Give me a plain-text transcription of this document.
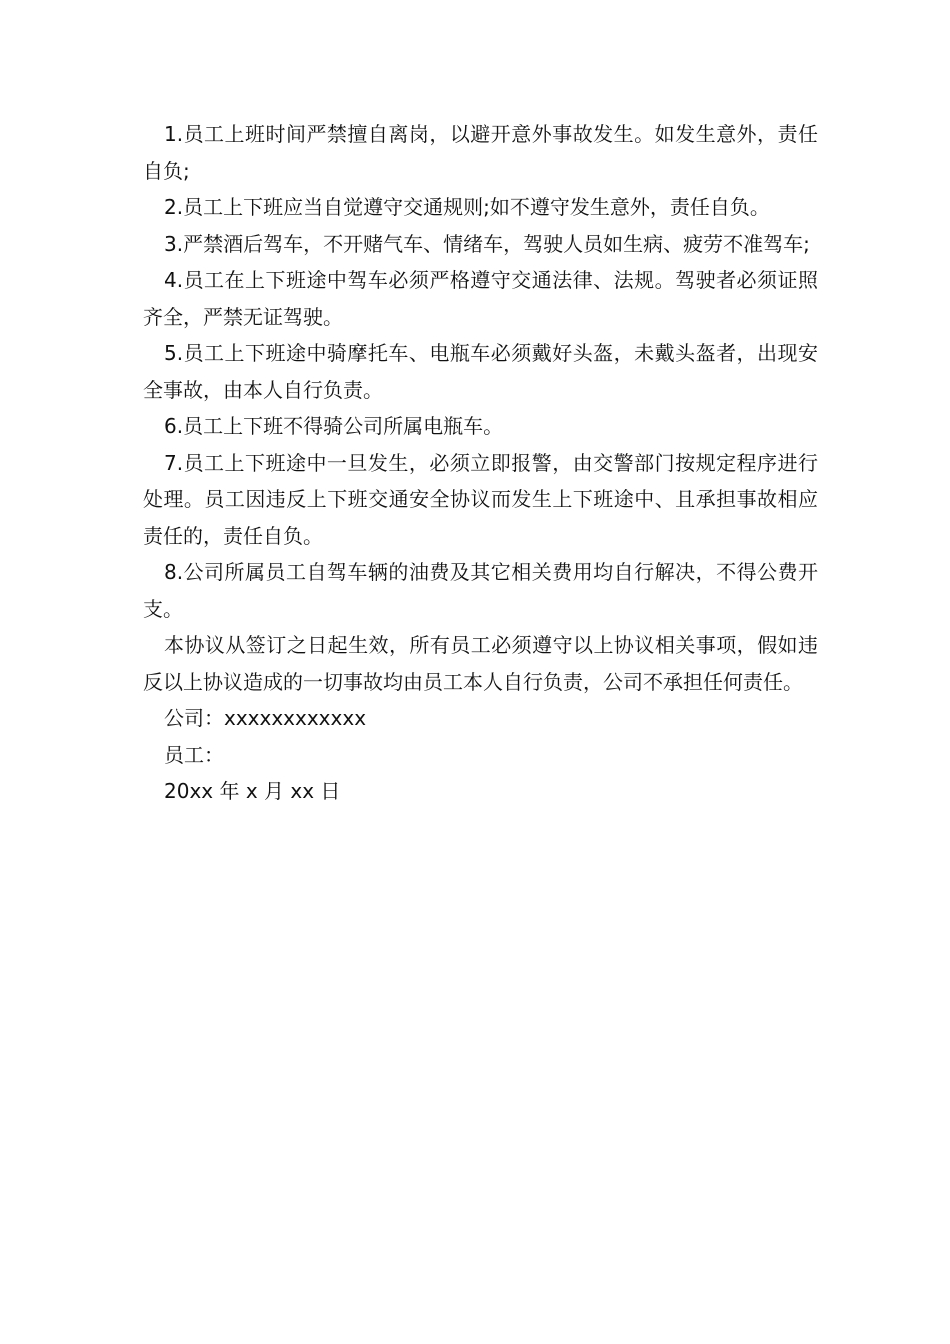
1.员工上班时间严禁擅自离岗，以避开意外事故发生。如发生意外，责任自负;

2.员工上下班应当自觉遵守交通规则;如不遵守发生意外，责任自负。

3.严禁酒后驾车，不开赌气车、情绪车，驾驶人员如生病、疲劳不准驾车;

4.员工在上下班途中驾车必须严格遵守交通法律、法规。驾驶者必须证照齐全，严禁无证驾驶。

5.员工上下班途中骑摩托车、电瓶车必须戴好头盔，未戴头盔者，出现安全事故，由本人自行负责。

6.员工上下班不得骑公司所属电瓶车。

7.员工上下班途中一旦发生，必须立即报警，由交警部门按规定程序进行处理。员工因违反上下班交通安全协议而发生上下班途中、且承担事故相应责任的，责任自负。

8.公司所属员工自驾车辆的油费及其它相关费用均自行解决，不得公费开支。

本协议从签订之日起生效，所有员工必须遵守以上协议相关事项，假如违反以上协议造成的一切事故均由员工本人自行负责，公司不承担任何责任。

公司：xxxxxxxxxxxx

员工：

20xx 年 x 月 xx 日
